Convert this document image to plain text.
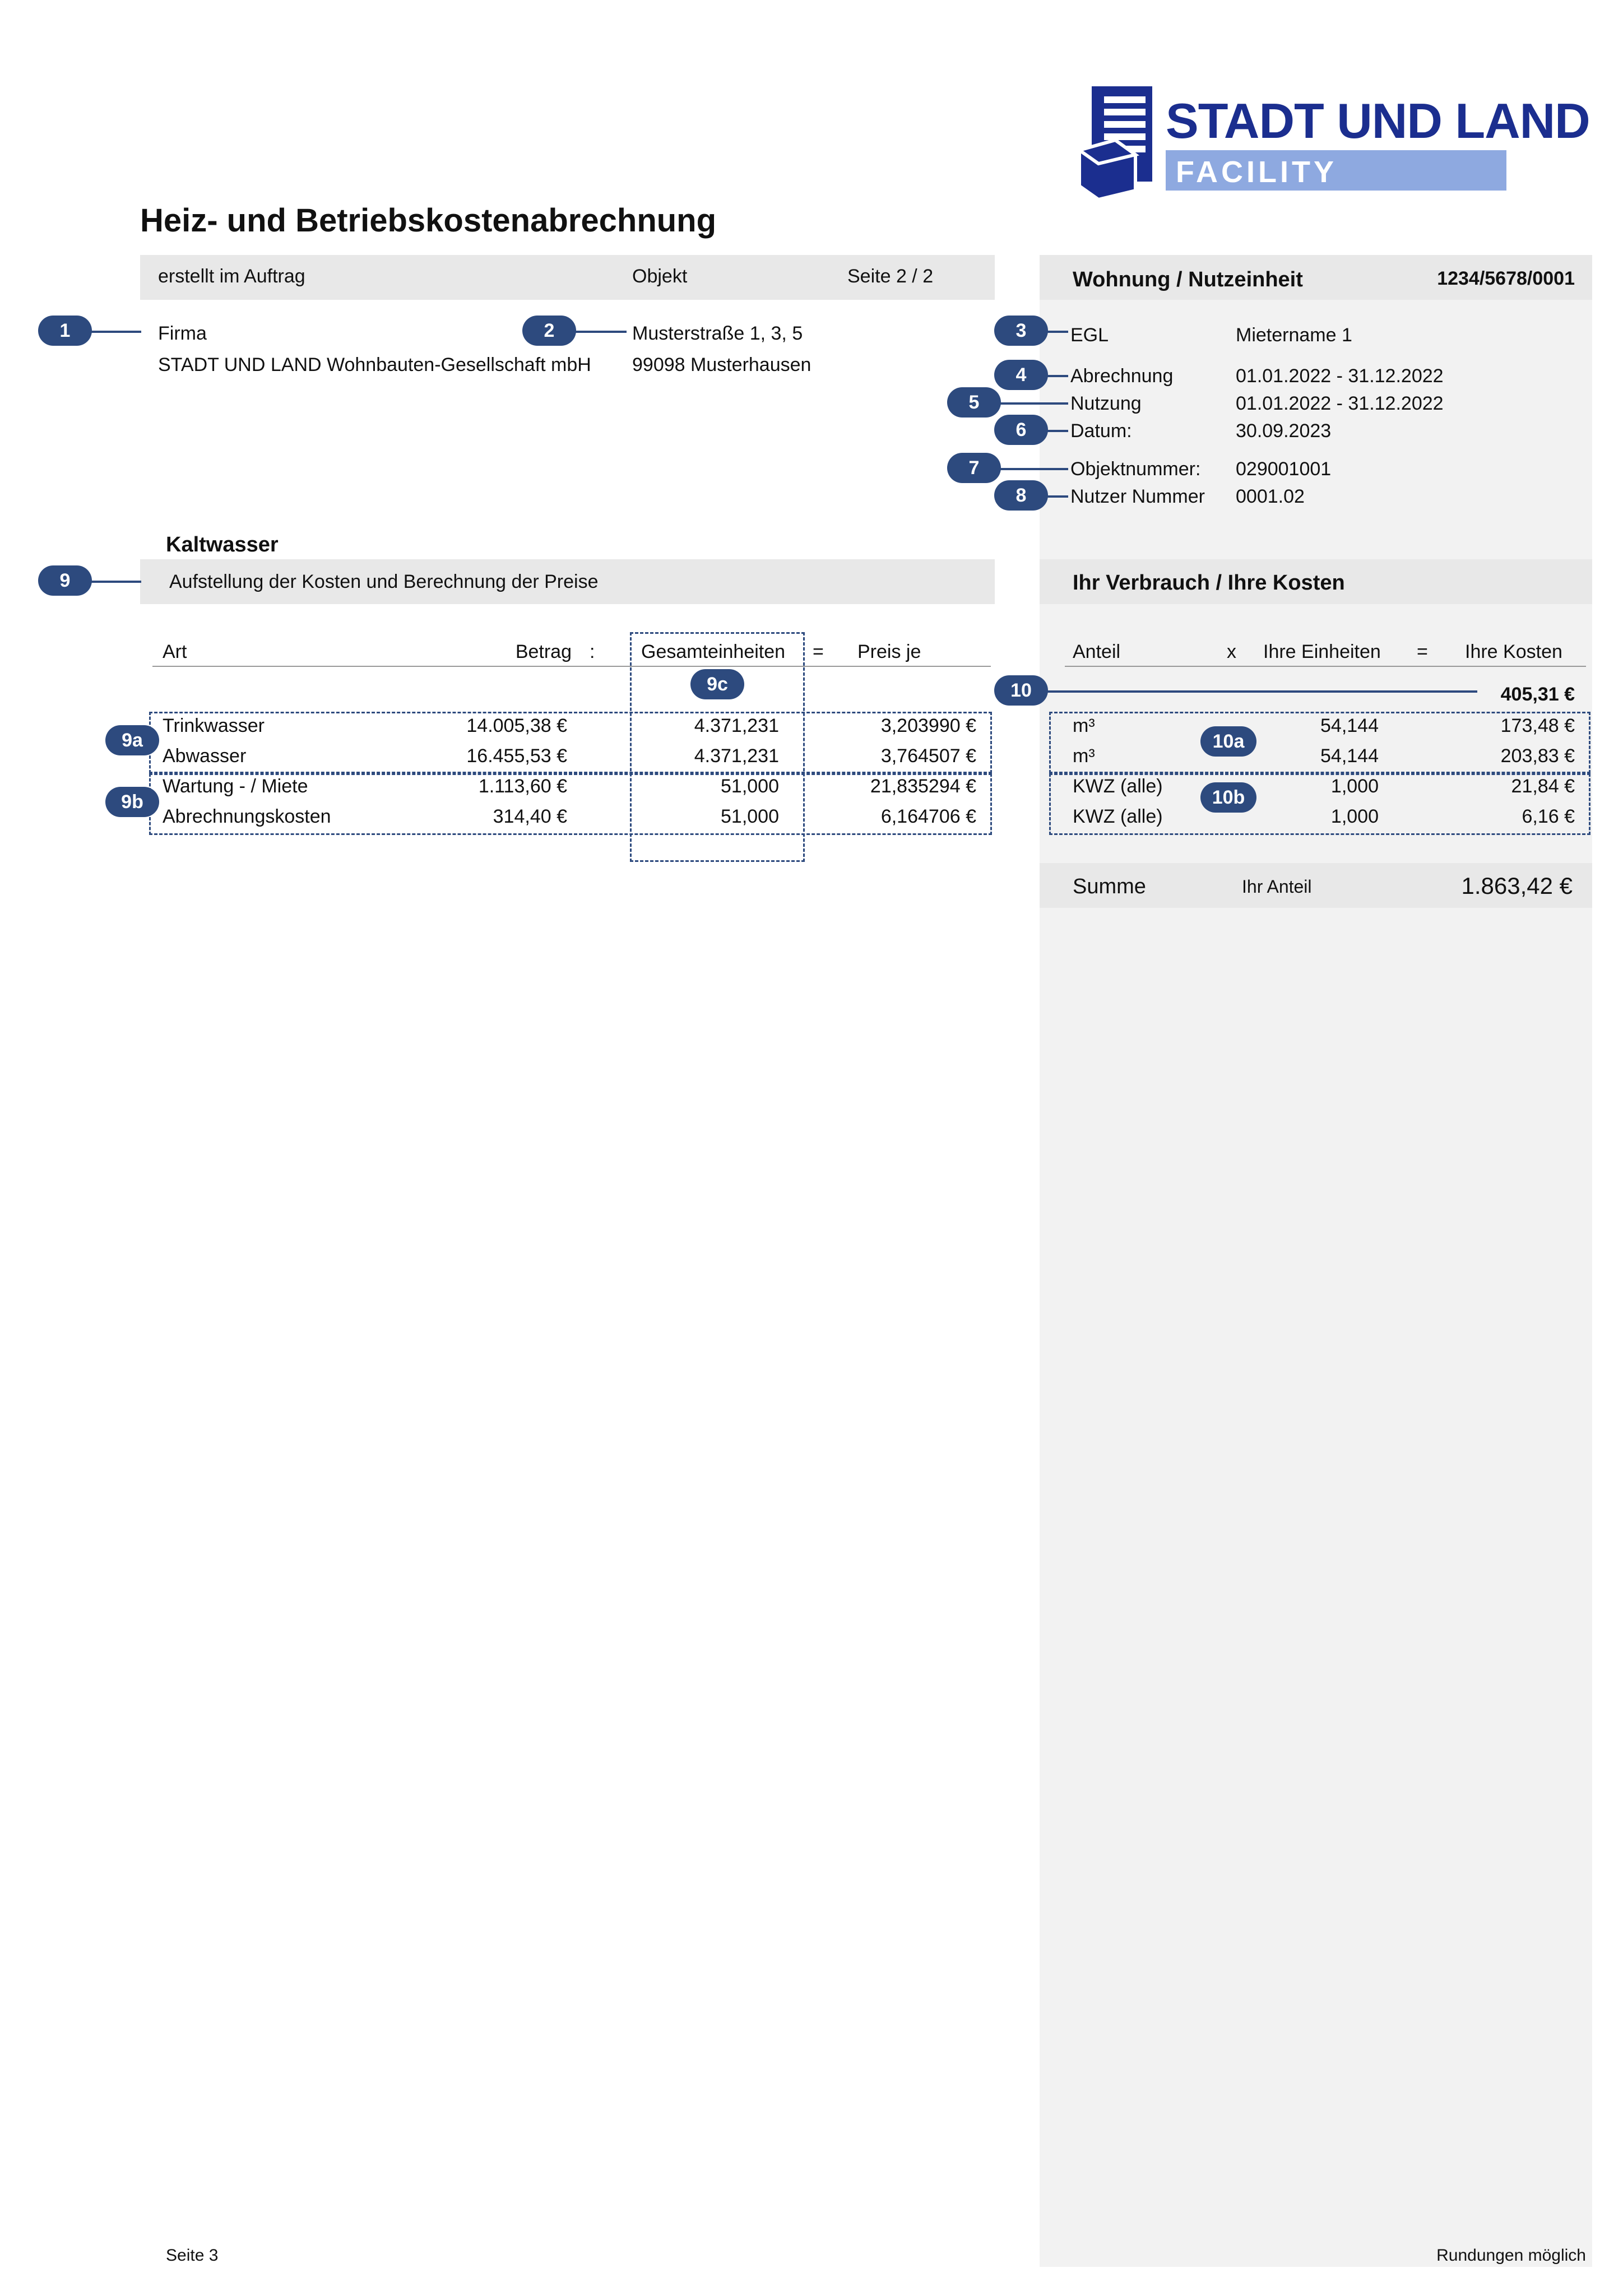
STADT UND LAND
FACILITY
Heiz- und Betriebskostenabrechnung
erstellt im Auftrag	Objekt	Seite 2 / 2	Wohnung / Nutzeinheit	1234/5678/0001
Firma
STADT UND LAND Wohnbauten-Gesellschaft mbH
Musterstraße 1, 3, 5
99098 Musterhausen
EGL	Mietername 1
Abrechnung	01.01.2022 - 31.12.2022
Nutzung	01.01.2022 - 31.12.2022
Datum:	30.09.2023
Objektnummer: 029001001
Nutzer Nummer 0001.02
Kaltwasser
Aufstellung der Kosten und Berechnung der Preise	Ihr Verbrauch / Ihre Kosten
Art	Betrag : Gesamteinheiten = Preis je	Anteil	x Ihre Einheiten = Ihre Kosten
405,31 €
Trinkwasser	14.005,38 €	4.371,231	3,203990 €
Abwasser	16.455,53 €	4.371,231	3,764507 €
Wartung - / Miete	1.113,60 €	51,000	21,835294 €
Abrechnungskosten	314,40 €	51,000	6,164706 €
m³	54,144	173,48 €
m³	54,144	203,83 €
KWZ (alle)	1,000	21,84 €
KWZ (alle)	1,000	6,16 €
Summe	Ihr Anteil	1.863,42 €
1	2	3
4
5
6
7
8
9
9a
9b
9c	10
10a
10b
Seite 3	Rundungen möglich
